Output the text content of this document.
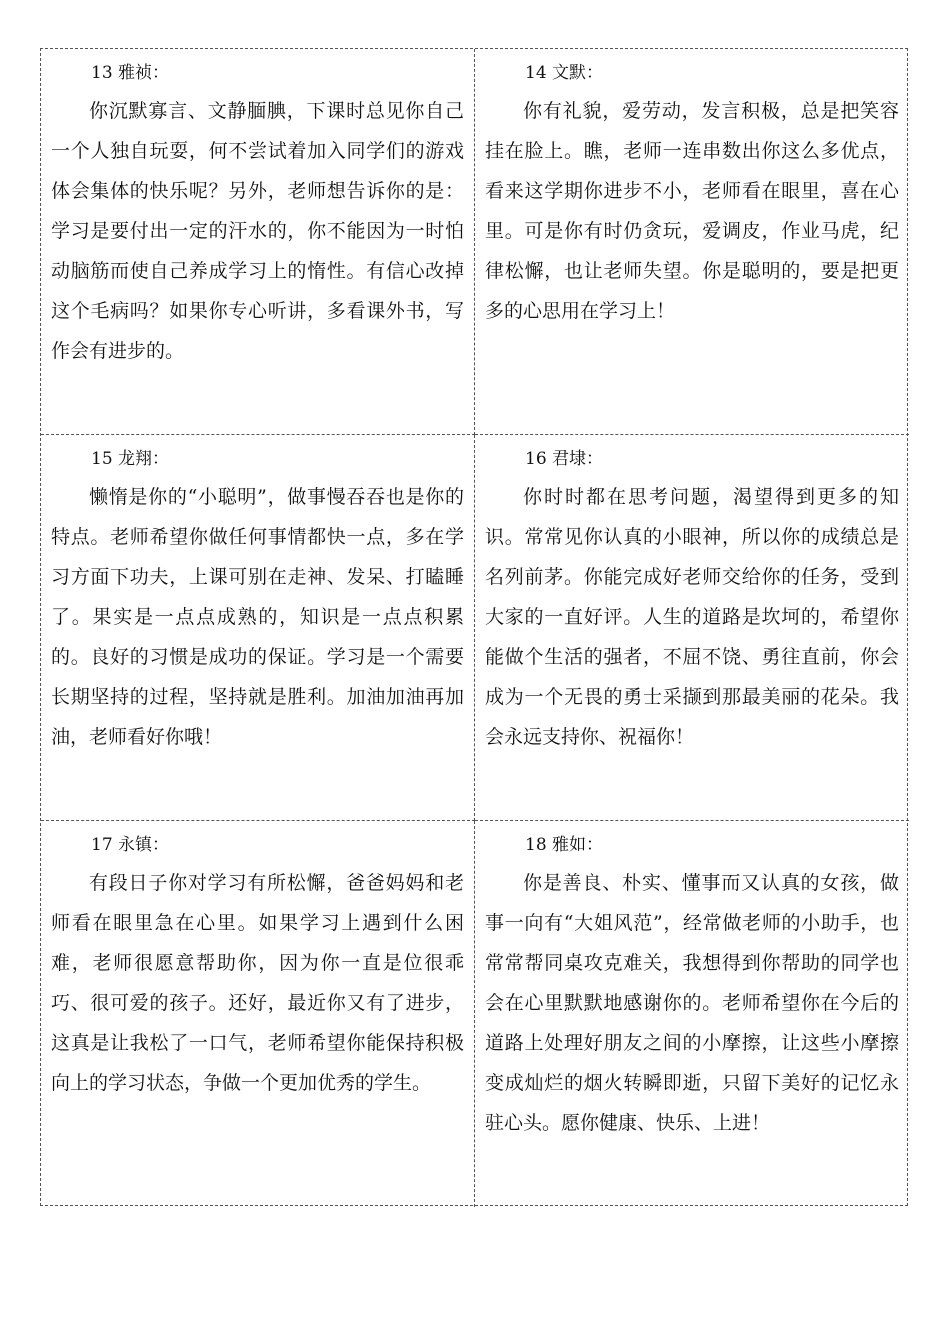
13 雅祯：

你沉默寡言、文静腼腆，下课时总见你自己一个人独自玩耍，何不尝试着加入同学们的游戏体会集体的快乐呢？另外，老师想告诉你的是：学习是要付出一定的汗水的，你不能因为一时怕动脑筋而使自己养成学习上的惰性。有信心改掉这个毛病吗？如果你专心听讲，多看课外书，写作会有进步的。

14 文默：

你有礼貌，爱劳动，发言积极，总是把笑容挂在脸上。瞧，老师一连串数出你这么多优点，看来这学期你进步不小，老师看在眼里，喜在心里。可是你有时仍贪玩，爱调皮，作业马虎，纪律松懈，也让老师失望。你是聪明的，要是把更多的心思用在学习上！

15 龙翔：

懒惰是你的“小聪明”，做事慢吞吞也是你的特点。老师希望你做任何事情都快一点，多在学习方面下功夫，上课可别在走神、发呆、打瞌睡了。果实是一点点成熟的，知识是一点点积累的。良好的习惯是成功的保证。学习是一个需要长期坚持的过程，坚持就是胜利。加油加油再加油，老师看好你哦！

16 君埭：

你时时都在思考问题，渴望得到更多的知识。常常见你认真的小眼神，所以你的成绩总是名列前茅。你能完成好老师交给你的任务，受到大家的一直好评。人生的道路是坎坷的，希望你能做个生活的强者，不屈不饶、勇往直前，你会成为一个无畏的勇士采撷到那最美丽的花朵。我会永远支持你、祝福你！

17 永镇：

有段日子你对学习有所松懈，爸爸妈妈和老师看在眼里急在心里。如果学习上遇到什么困难，老师很愿意帮助你，因为你一直是位很乖巧、很可爱的孩子。还好，最近你又有了进步，这真是让我松了一口气，老师希望你能保持积极向上的学习状态，争做一个更加优秀的学生。

18 雅如：

你是善良、朴实、懂事而又认真的女孩，做事一向有“大姐风范”，经常做老师的小助手，也常常帮同桌攻克难关，我想得到你帮助的同学也会在心里默默地感谢你的。老师希望你在今后的道路上处理好朋友之间的小摩擦，让这些小摩擦变成灿烂的烟火转瞬即逝，只留下美好的记忆永驻心头。愿你健康、快乐、上进！
